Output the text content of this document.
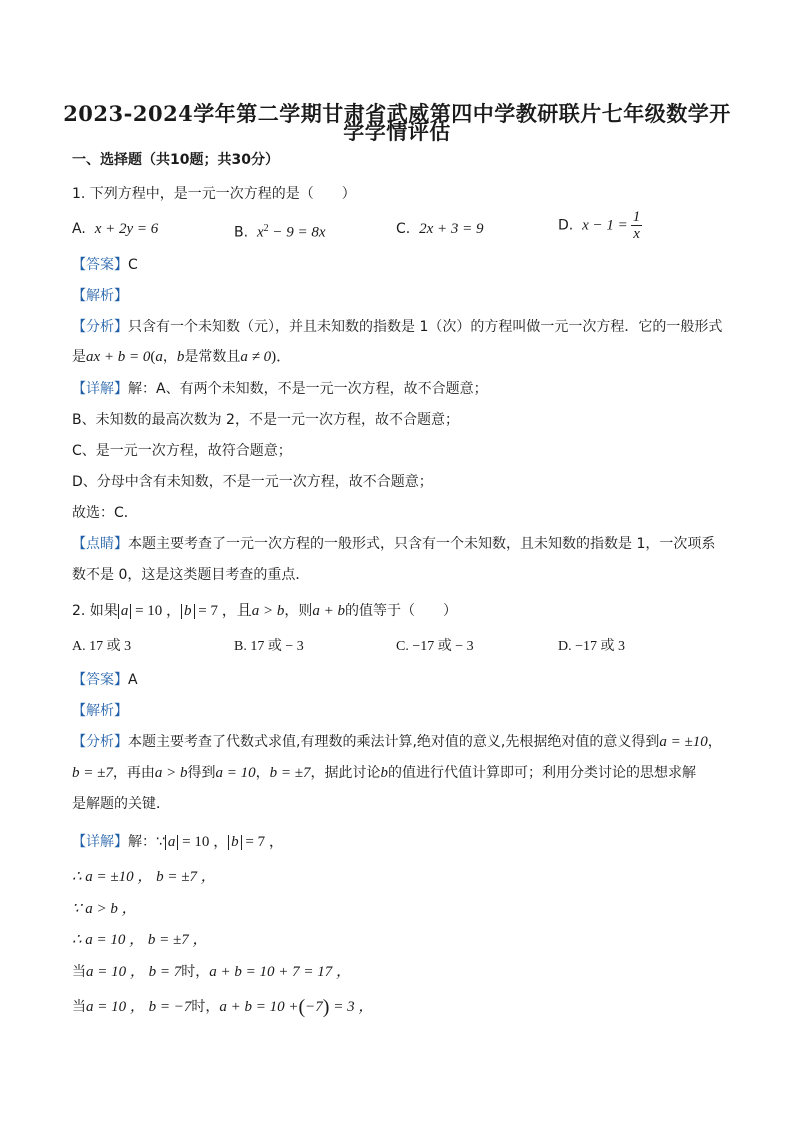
2023-2024学年第二学期甘肃省武威第四中学教研联片七年级数学开
学学情评估
一、选择题（共10题；共30分）
1. 下列方程中，是一元一次方程的是（　　）
A. x + 2y = 6	B. $x^2 - 9 = 8x$	C. 2x + 3 = 9	D. $x - 1 = \frac{1}{x}$
【答案】C
【解析】
【分析】只含有一个未知数（元），并且未知数的指数是 1（次）的方程叫做一元一次方程．它的一般形式
是ax + b = 0(a，b是常数且a ≠ 0)．
【详解】解：A、有两个未知数，不是一元一次方程，故不合题意；
B、未知数的最高次数为 2，不是一元一次方程，故不合题意；
C、是一元一次方程，故符合题意；
D、分母中含有未知数，不是一元一次方程，故不合题意；
故选：C．
【点睛】本题主要考查了一元一次方程的一般形式，只含有一个未知数，且未知数的指数是 1，一次项系
数不是 0，这是这类题目考查的重点．
2. 如果 a = 10 ， b = 7 ，且a > b，则a + b的值等于（　　）
A. 17 或 3	B. 17 或 − 3	C. −17 或 − 3	D. −17 或 3
【答案】A
【解析】
【分析】本题主要考查了代数式求值,有理数的乘法计算,绝对值的意义,先根据绝对值的意义得到a = ±10，
b = ±7，再由a > b得到a = 10，b = ±7，据此讨论b的值进行代值计算即可；利用分类讨论的思想求解
是解题的关键．
【详解】解：∵ a = 10 ， b = 7 ，
∴ a = ±10 ， b = ±7 ，
∵ a > b ，
∴ a = 10 ， b = ±7 ，
当a = 10 ， b = 7时，a + b = 10 + 7 = 17 ，
当a = 10 ， b = −7时，a + b = 10 +(−7) = 3 ，
